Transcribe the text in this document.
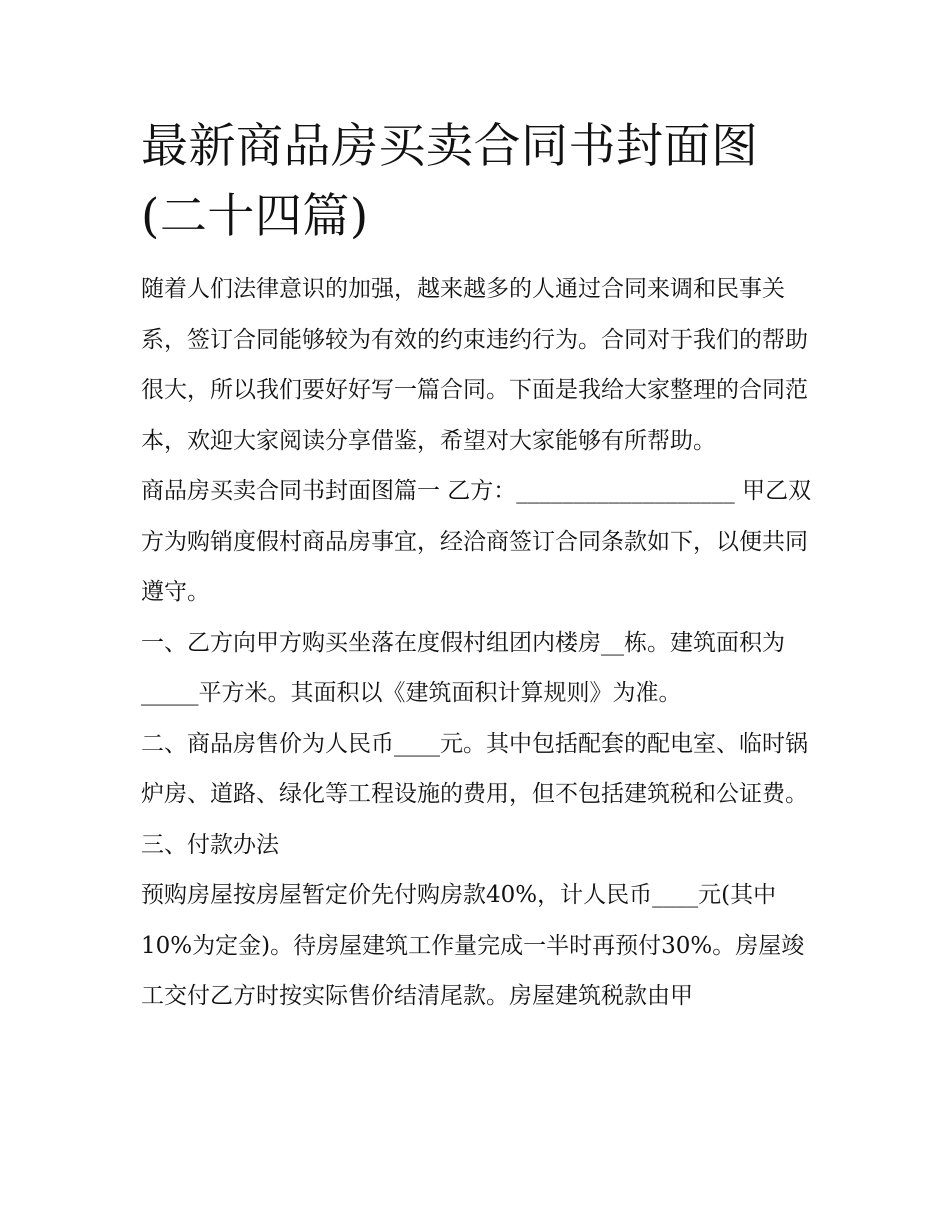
最新商品房买卖合同书封面图
(二十四篇)

随着人们法律意识的加强，越来越多的人通过合同来调和民事关系，签订合同能够较为有效的约束违约行为。合同对于我们的帮助很大，所以我们要好好写一篇合同。下面是我给大家整理的合同范本，欢迎大家阅读分享借鉴，希望对大家能够有所帮助。

商品房买卖合同书封面图篇一 乙方：___________________ 甲乙双方为购销度假村商品房事宜，经洽商签订合同条款如下，以便共同遵守。

一、乙方向甲方购买坐落在度假村组团内楼房__栋。建筑面积为_____平方米。其面积以《建筑面积计算规则》为准。

二、商品房售价为人民币____元。其中包括配套的配电室、临时锅炉房、道路、绿化等工程设施的费用，但不包括建筑税和公证费。 三、付款办法

预购房屋按房屋暂定价先付购房款40%，计人民币____元(其中10%为定金)。待房屋建筑工作量完成一半时再预付30%。房屋竣工交付乙方时按实际售价结清尾款。房屋建筑税款由甲
